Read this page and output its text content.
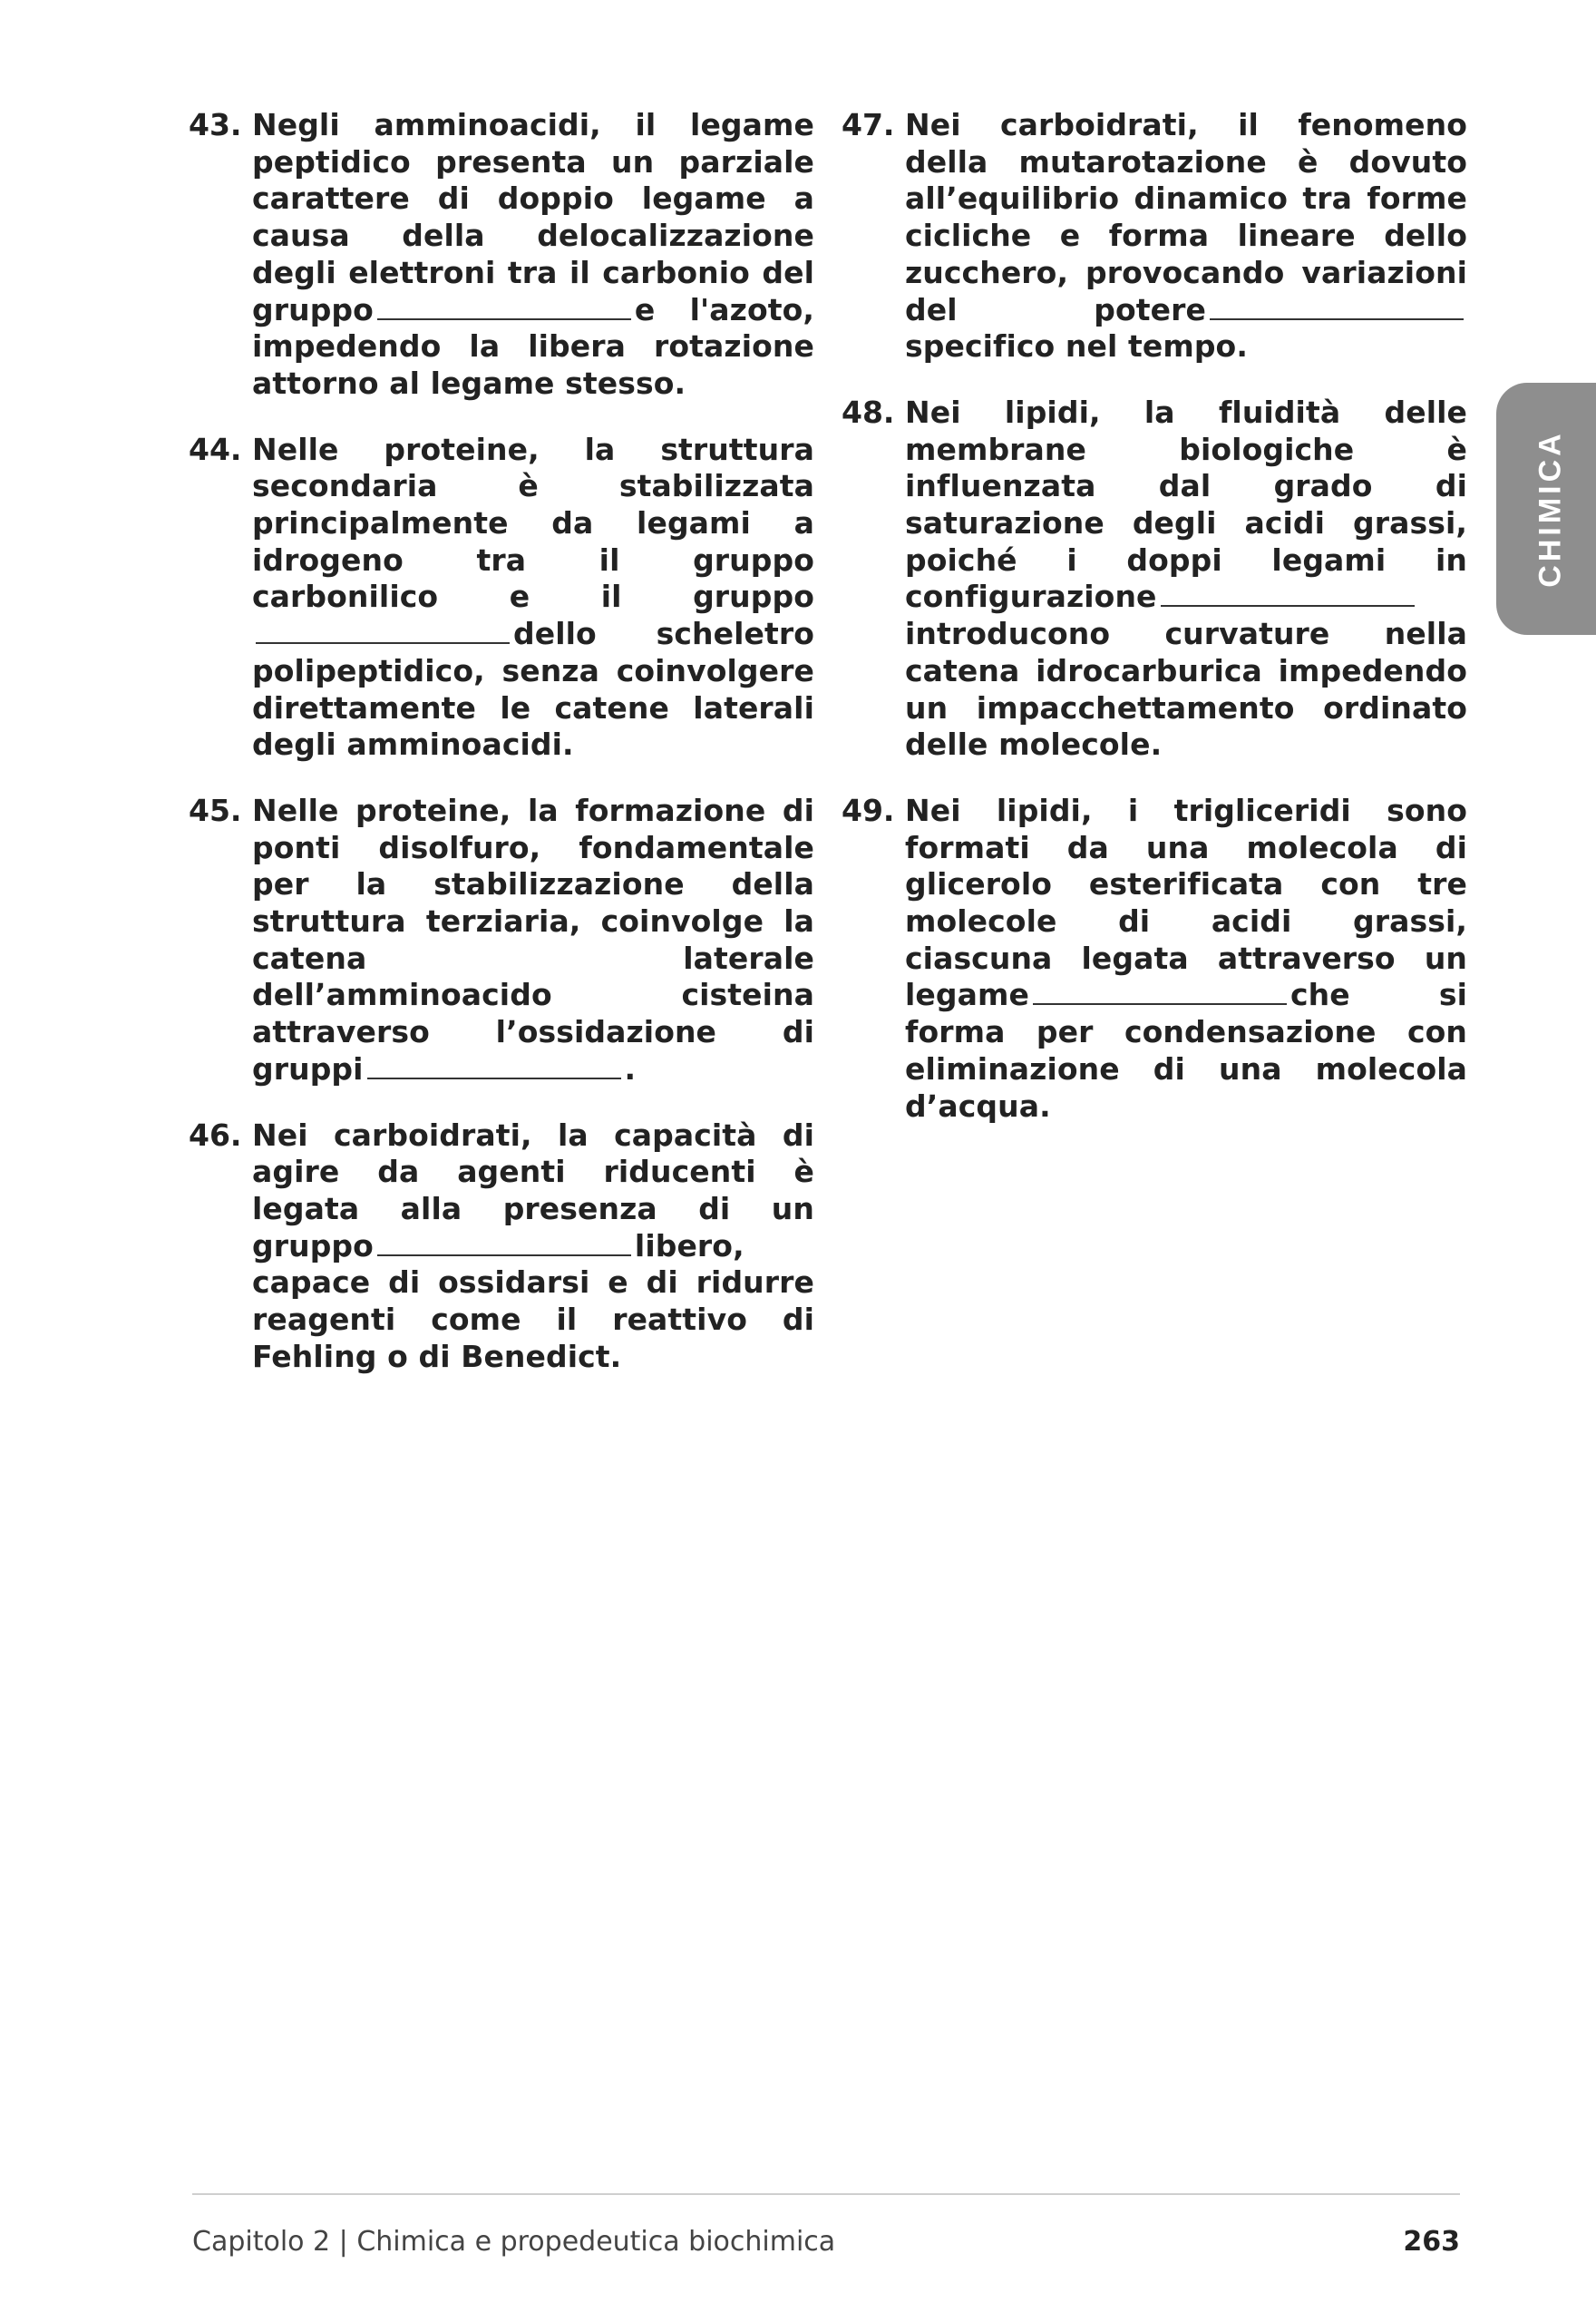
43. Negli amminoacidi, il legame peptidico presenta un parziale carattere di doppio legame a causa della delocalizzazione degli elettroni tra il carbonio del gruppo	e l'azoto, impedendo la libera rotazione attorno al legame stesso.
44. Nelle proteine, la struttura secondaria è stabilizzata principalmente da legami a idrogeno tra il gruppo carbonilico e il gruppodello scheletro polipeptidico, senza coinvolgere direttamente le catene laterali degli amminoacidi.
45. Nelle proteine, la formazione di ponti disolfuro, fondamentale per la stabilizzazione della struttura terziaria, coinvolge la catena laterale dell’amminoacido cisteina attraverso l’ossidazione di gruppi	.
46. Nei carboidrati, la capacità di agire da agenti riducenti è legata alla presenza di un gruppo	libero, capace di ossidarsi e di ridurre reagenti come il reattivo di Fehling o di Benedict.
47. Nei carboidrati, il fenomeno della mutarotazione è dovuto all’equilibrio dinamico tra forme cicliche e forma lineare dello zucchero, provocando variazioni del poterespecifico nel tempo.
48. Nei lipidi, la fluidità delle membrane biologiche è influenzata dal grado di saturazione degli acidi grassi, poiché i doppi legami in configurazioneintroducono curvature nella catena idrocarburica impedendo un impacchettamento ordinato delle molecole.
49. Nei lipidi, i trigliceridi sono formati da una molecola di glicerolo esterificata con tre molecole di acidi grassi, ciascuna legata attraverso un legame	che si forma per condensazione con eliminazione di una molecola d’acqua.
CHIMICA
Capitolo 2 | Chimica e propedeutica biochimica	263
